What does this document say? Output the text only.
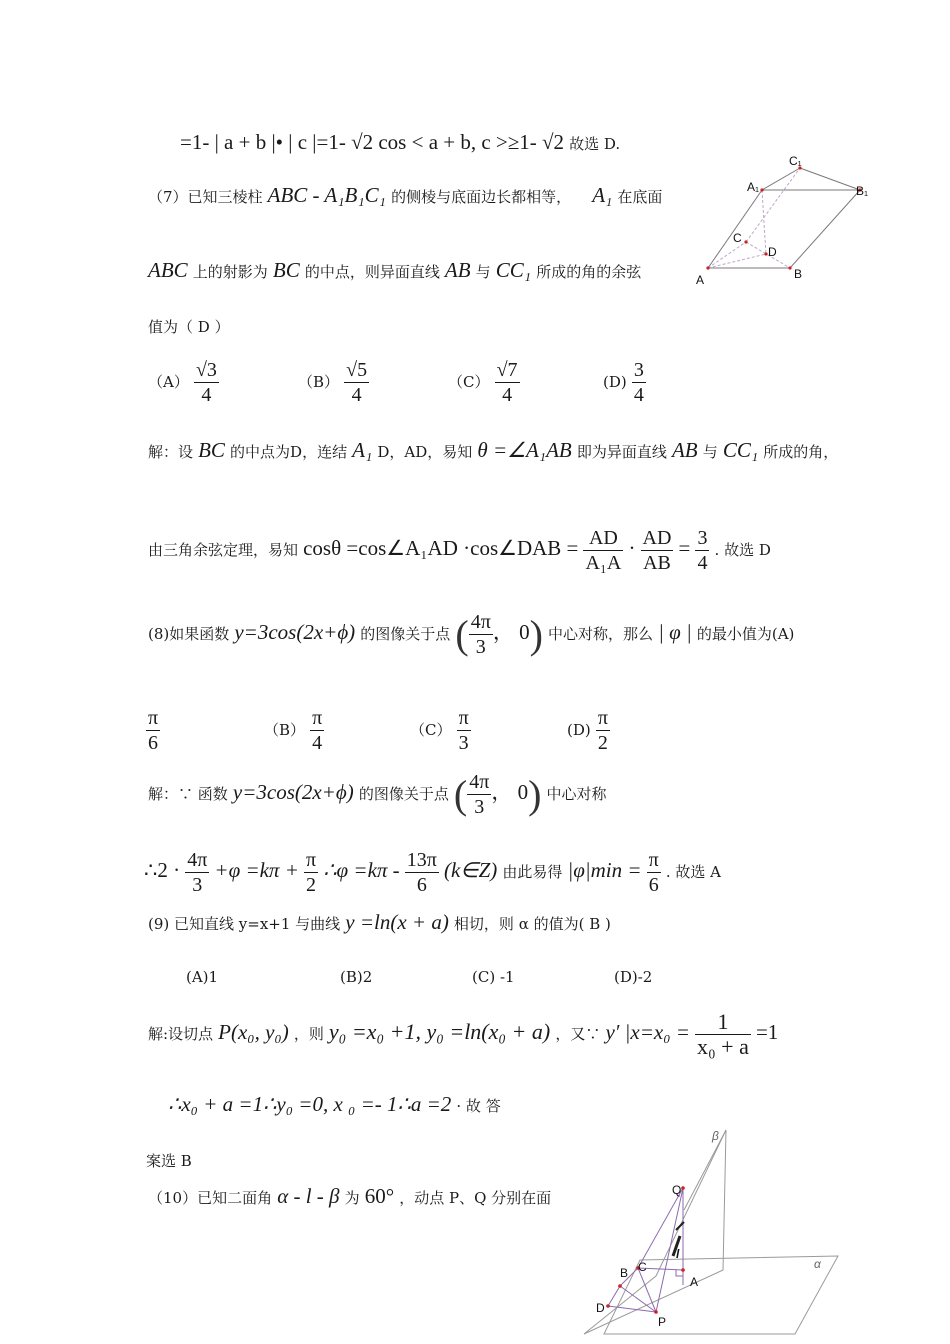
=1- | a + b |• | c |=1- √2 cos < a + b, c >≥1- √2 故选 D.
（7）已知三棱柱 ABC - A₁B₁C₁ 的侧棱与底面边长都相等， A₁ 在底面
ABC 上的射影为 BC 的中点，则异面直线 AB 与 CC₁ 所成的角的余弦
值为（ D ）
$(A) \frac{√3}{4}$	$(B) \frac{√5}{4}$	$(C) \frac{√7}{4}$	$(D) \frac{3}{4}$
解：设 BC 的中点为D，连结 A₁ D，AD，易知 θ =∠A₁AB 即为异面直线 AB 与 CC₁ 所成的角，
由三角余弦定理，易知 cosθ =cos∠A₁AD ·cos∠DAB = $\frac{AD}{\text{A₁A}} \cdot \frac{AD}{AB} = \frac{3}{4}$ . 故选 D
(8)如果函数 y=3cos(2x+ϕ) 的图像关于点 ( $\frac{4\pi}{3}$ ， 0) 中心对称，那么 | φ | 的最小值为(A)
$\frac{\pi}{6}$	$(B) \frac{\pi}{4}$	$(C) \frac{\pi}{3}$	$(D) \frac{\pi}{2}$
解：∵ 函数 y=3cos(2x+ϕ) 的图像关于点 ( $\frac{4\pi}{3}$ ， 0) 中心对称
∴2 · $\frac{4\pi}{3} +\varphi =k\pi + \frac{\pi}{2}$ ∴φ $=k\pi - \frac{13\pi}{6}$ (k∈Z) 由此易得 $|\varphi|\min = \frac{\pi}{6}$ . 故选 A
(9) 已知直线 y=x+1 与曲线 y =ln(x + a) 相切，则 α 的值为( B )
(A)1	(B)2	(C) -1	(D)-2
解:设切点 P(x₀, y₀) ，则 y₀ =x₀ +1, y₀ =ln(x₀ + a) ，又∵ y′ $|x=x_0 = \frac{1}{\text{x₀ + a}} =1$
∴x₀ + a =1∴y₀ =0, x ₀ =- 1∴a =2 · 故 答
案选 B
（10）已知二面角 α - l - β 为 60° ，动点 P、Q 分别在面
C₁
A₁	B₁
C
D
A	B
β
Q
l
α
B C
A
D
P
